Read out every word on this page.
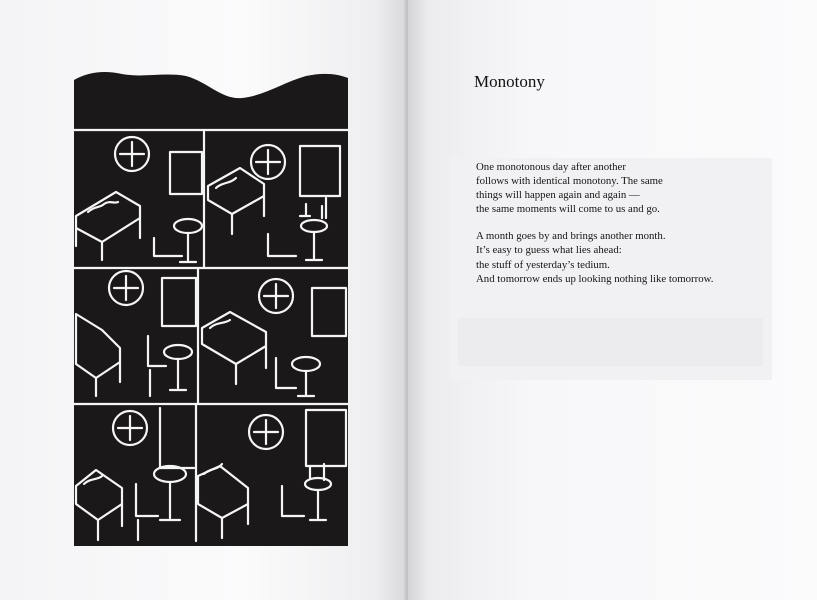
Monotony

One monotonous day after another
follows with identical monotony. The same
things will happen again and again —
the same moments will come to us and go.

A month goes by and brings another month.
It’s easy to guess what lies ahead:
the stuff of yesterday’s tedium.
And tomorrow ends up looking nothing like tomorrow.
